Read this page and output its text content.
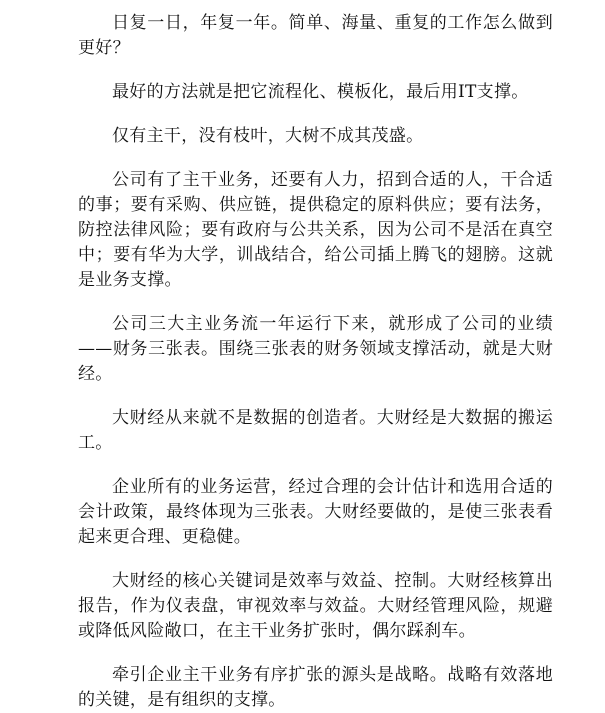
日复一日，年复一年。简单、海量、重复的工作怎么做到更好？

最好的方法就是把它流程化、模板化，最后用IT支撑。

仅有主干，没有枝叶，大树不成其茂盛。

公司有了主干业务，还要有人力，招到合适的人，干合适的事；要有采购、供应链，提供稳定的原料供应；要有法务，防控法律风险；要有政府与公共关系，因为公司不是活在真空中；要有华为大学，训战结合，给公司插上腾飞的翅膀。这就是业务支撑。

公司三大主业务流一年运行下来，就形成了公司的业绩——财务三张表。围绕三张表的财务领域支撑活动，就是大财经。

大财经从来就不是数据的创造者。大财经是大数据的搬运工。

企业所有的业务运营，经过合理的会计估计和选用合适的会计政策，最终体现为三张表。大财经要做的，是使三张表看起来更合理、更稳健。

大财经的核心关键词是效率与效益、控制。大财经核算出报告，作为仪表盘，审视效率与效益。大财经管理风险，规避或降低风险敞口，在主干业务扩张时，偶尔踩刹车。

牵引企业主干业务有序扩张的源头是战略。战略有效落地的关键，是有组织的支撑。
